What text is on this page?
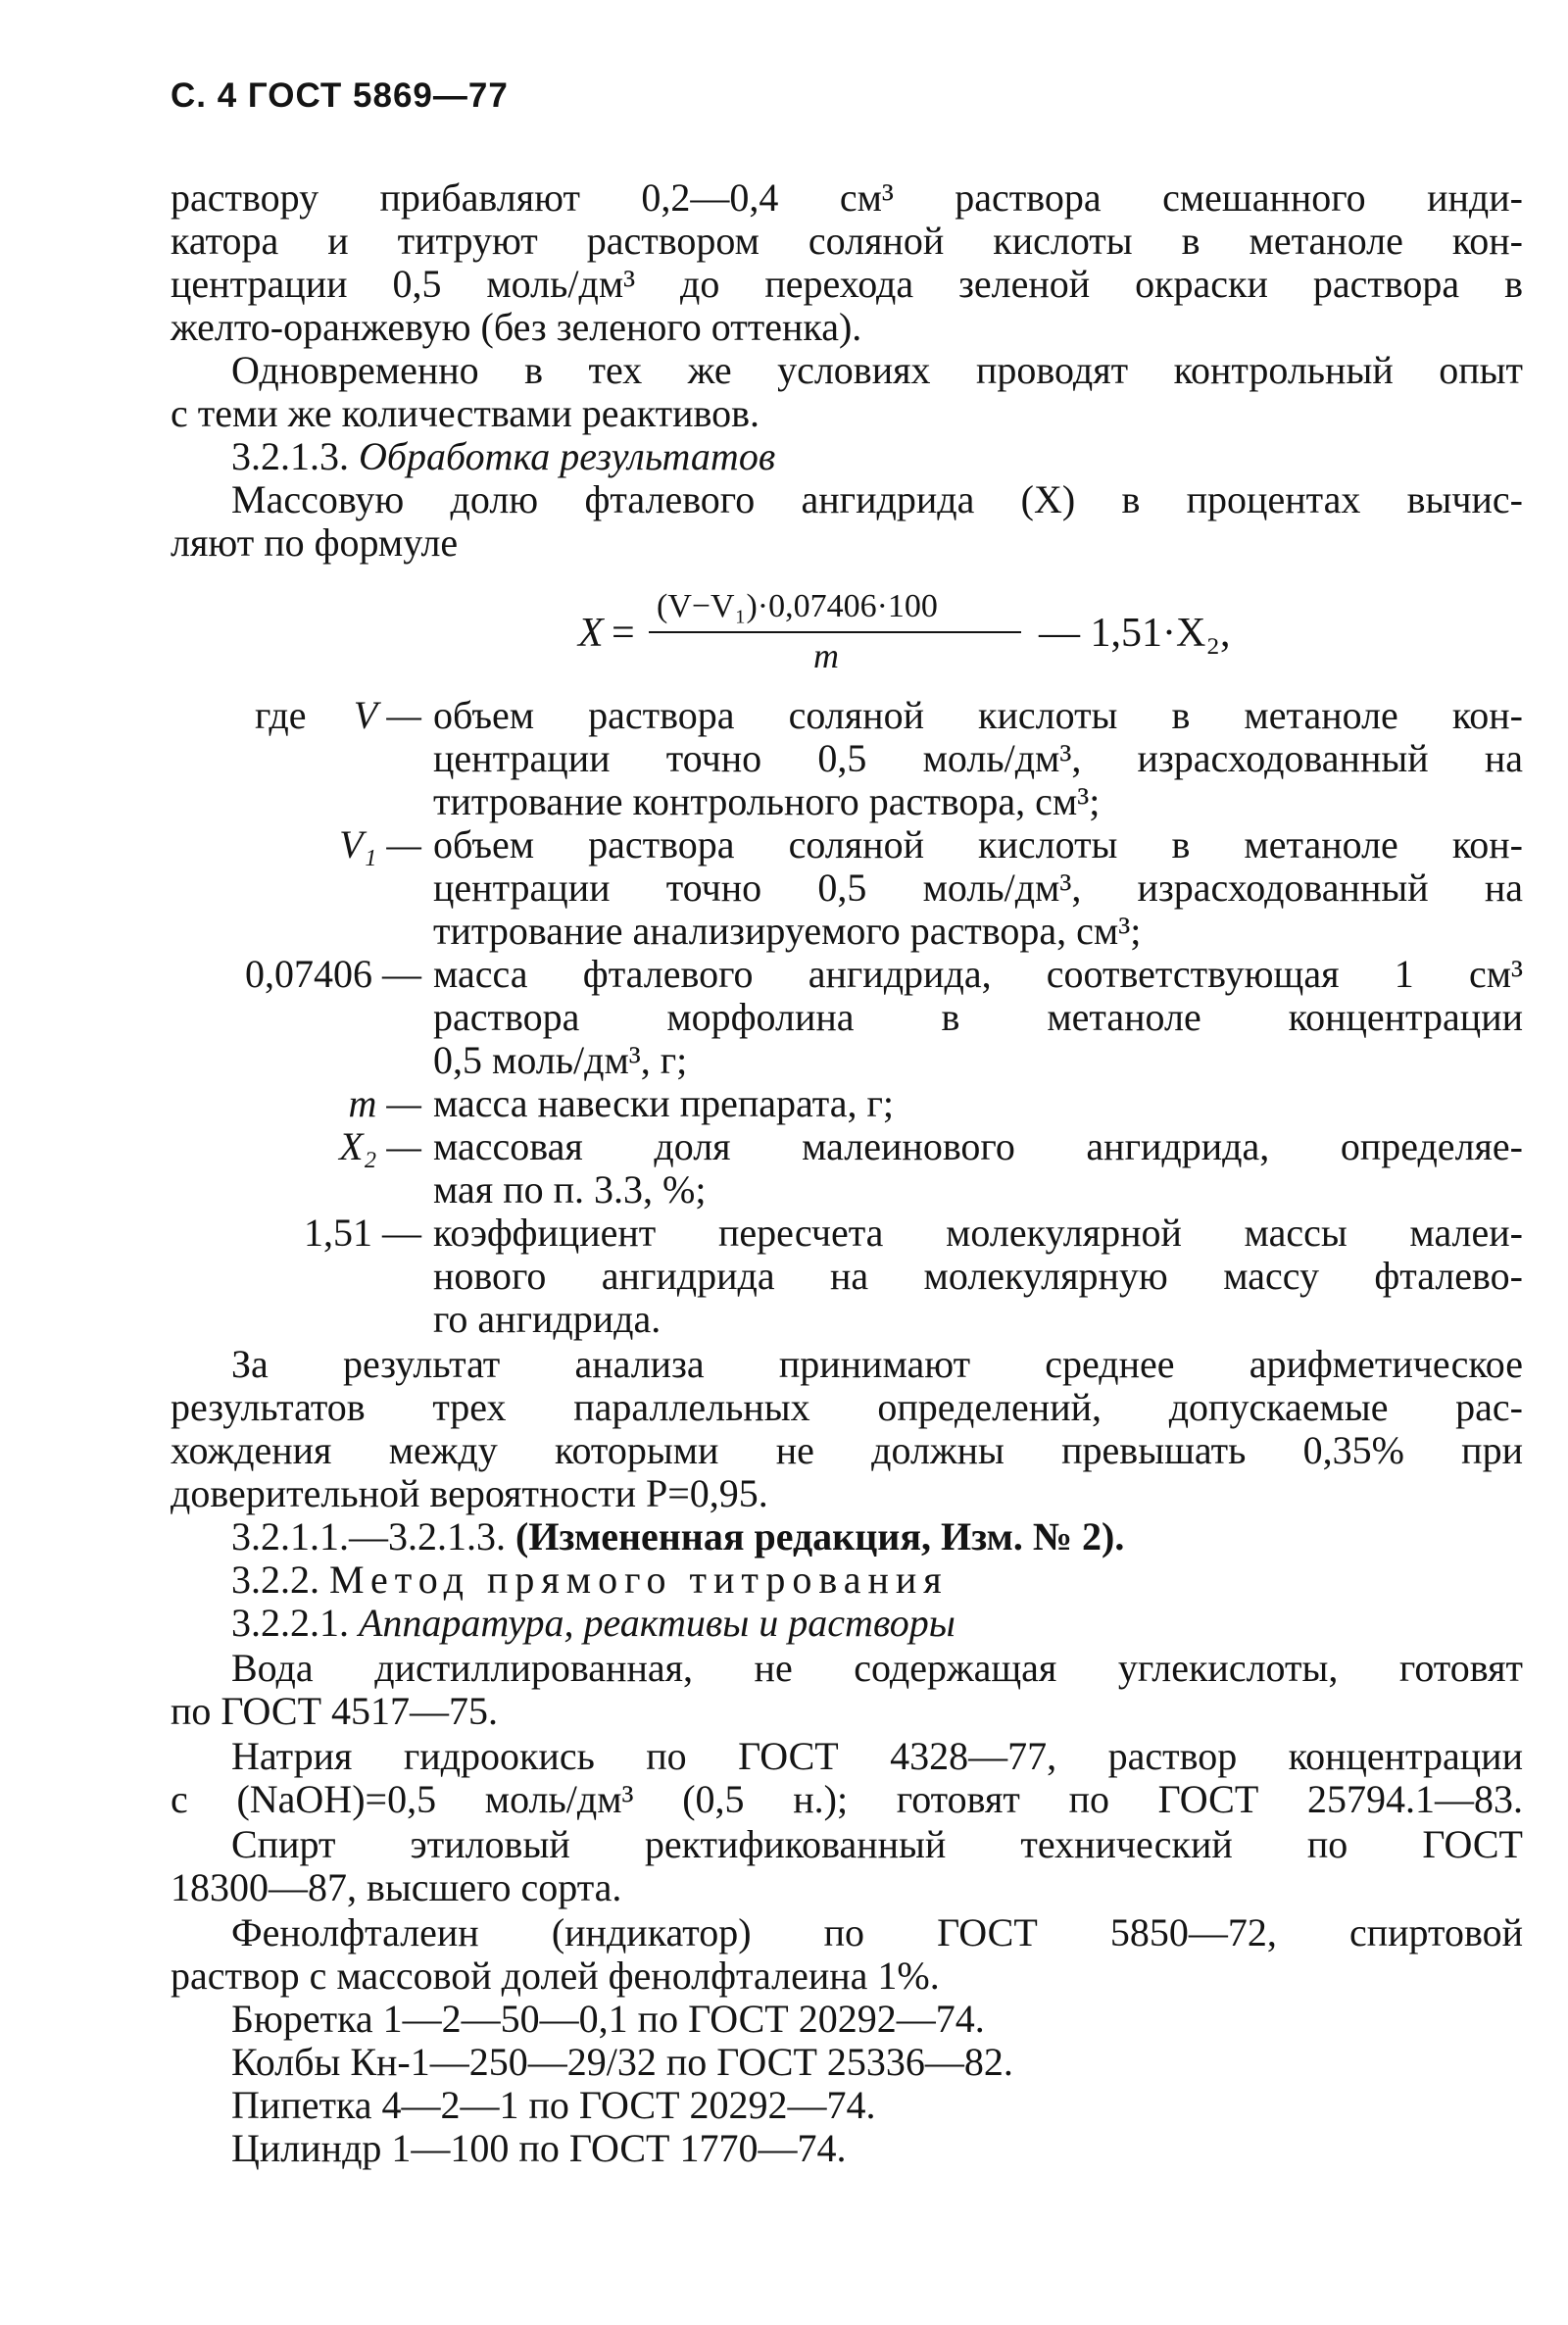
С. 4 ГОСТ 5869—77
раствору прибавляют 0,2—0,4 см³ раствора смешанного инди-
катора и титруют раствором соляной кислоты в метаноле кон-
центрации 0,5 моль/дм³ до перехода зеленой окраски раствора в
желто-оранжевую (без зеленого оттенка).
Одновременно в тех же условиях проводят контрольный опыт
с теми же количествами реактивов.
3.2.1.3. Обработка результатов
Массовую долю фталевого ангидрида (X) в процентах вычис-
ляют по формуле
X =
(V−V₁)·0,07406·100
m	— 1,51·X₂,
где	V — объем раствора соляной кислоты в метаноле кон-
центрации точно 0,5 моль/дм³, израсходованный на
титрование контрольного раствора, см³;
V₁ — объем раствора соляной кислоты в метаноле кон-
центрации точно 0,5 моль/дм³, израсходованный на
титрование анализируемого раствора, см³;
0,07406 — масса фталевого ангидрида, соответствующая 1 см³
раствора морфолина в метаноле концентрации
0,5 моль/дм³, г;
m — масса навески препарата, г;
X₂ — массовая доля малеинового ангидрида, определяе-
мая по п. 3.3, %;
1,51 — коэффициент пересчета молекулярной массы малеи-
нового ангидрида на молекулярную массу фталево-
го ангидрида.
За результат анализа принимают среднее арифметическое
результатов трех параллельных определений, допускаемые рас-
хождения между которыми не должны превышать 0,35% при
доверительной вероятности P=0,95.
3.2.1.1.—3.2.1.3. (Измененная редакция, Изм. № 2).
3.2.2. Метод прямого титрования
3.2.2.1. Аппаратура, реактивы и растворы
Вода дистиллированная, не содержащая углекислоты, готовят
по ГОСТ 4517—75.
Натрия гидроокись по ГОСТ 4328—77, раствор концентрации
c (NaOH)=0,5 моль/дм³ (0,5 н.); готовят по ГОСТ 25794.1—83.
Спирт этиловый ректификованный технический по ГОСТ
18300—87, высшего сорта.
Фенолфталеин (индикатор) по ГОСТ 5850—72, спиртовой
раствор с массовой долей фенолфталеина 1%.
Бюретка 1—2—50—0,1 по ГОСТ 20292—74.
Колбы Кн-1—250—29/32 по ГОСТ 25336—82.
Пипетка 4—2—1 по ГОСТ 20292—74.
Цилиндр 1—100 по ГОСТ 1770—74.
